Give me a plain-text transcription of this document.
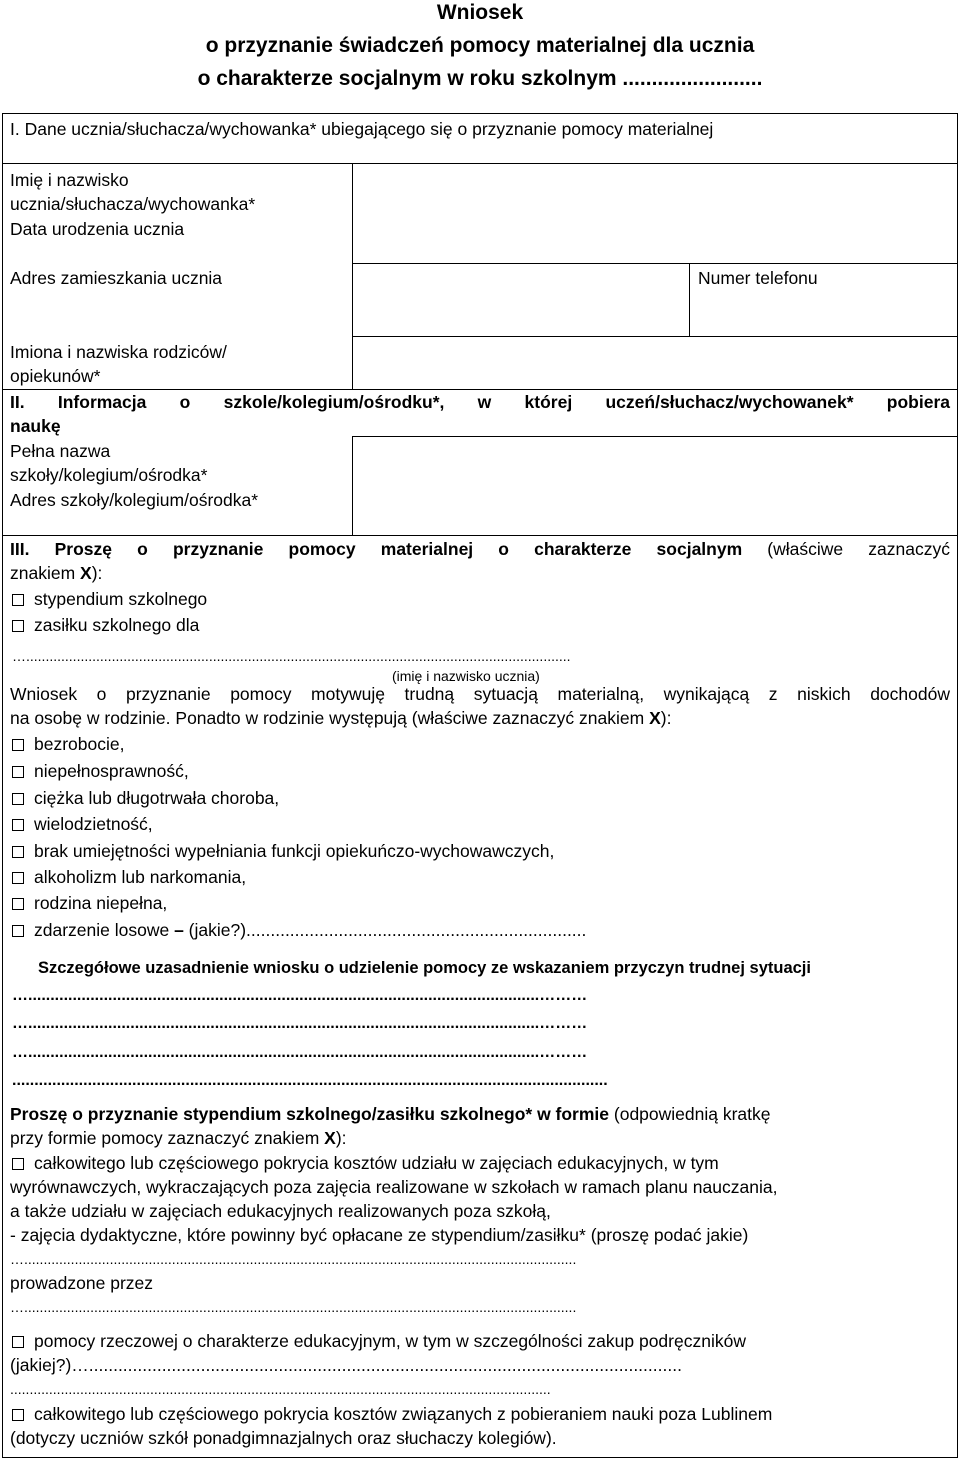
Wniosek
o przyznanie świadczeń pomocy materialnej dla ucznia
o charakterze socjalnym w roku szkolnym ........................
I. Dane ucznia/słuchacza/wychowanka* ubiegającego się o przyznanie pomocy materialnej
Imię i nazwisko
ucznia/słuchacza/wychowanka*
Data urodzenia ucznia
Adres zamieszkania ucznia	Numer telefonu
Imiona i nazwiska rodziców/
opiekunów*
II. Informacja o szkole/kolegium/ośrodku*, w której uczeń/słuchacz/wychowanek* pobiera
naukę
Pełna nazwa
szkoły/kolegium/ośrodka*
Adres szkoły/kolegium/ośrodka*
III. Proszę o przyznanie pomocy materialnej o charakterze socjalnym (właściwe zaznaczyć
znakiem X):
stypendium szkolnego
zasiłku szkolnego dla
…............................................................................................................................................
(imię i nazwisko ucznia)
Wniosek o przyznanie pomocy motywuję trudną sytuacją materialną, wynikającą z niskich dochodów
na osobę w rodzinie. Ponadto w rodzinie występują (właściwe zaznaczyć znakiem X):
bezrobocie,
niepełnosprawność,
ciężka lub długotrwała choroba,
wielodzietność,
brak umiejętności wypełniania funkcji opiekuńczo-wychowawczych,
alkoholizm lub narkomania,
rodzina niepełna,
zdarzenie losowe – (jakie?)......................................................................
Szczegółowe uzasadnienie wniosku o udzielenie pomocy ze wskazaniem przyczyn trudnej sytuacji
…...................................................................................................................………
…...................................................................................................................………
…...................................................................................................................………
......................................................................................................................................
Proszę o przyznanie stypendium szkolnego/zasiłku szkolnego* w formie (odpowiednią kratkę
przy formie pomocy zaznaczyć znakiem X):
całkowitego lub częściowego pokrycia kosztów udziału w zajęciach edukacyjnych, w tym
wyrównawczych, wykraczających poza zajęcia realizowane w szkołach w ramach planu nauczania,
a także udziału w zajęciach edukacyjnych realizowanych poza szkołą,
- zajęcia dydaktyczne, które powinny być opłacane ze stypendium/zasiłku* (proszę podać jakie)
…..............................................................................................................................................
prowadzone przez
…..............................................................................................................................................
pomocy rzeczowej o charakterze edukacyjnym, w tym w szczególności zakup podręczników
(jakiej?)…..........................................................................................................................
...........................................................................................................................................
całkowitego lub częściowego pokrycia kosztów związanych z pobieraniem nauki poza Lublinem
(dotyczy uczniów szkół ponadgimnazjalnych oraz słuchaczy kolegiów).
